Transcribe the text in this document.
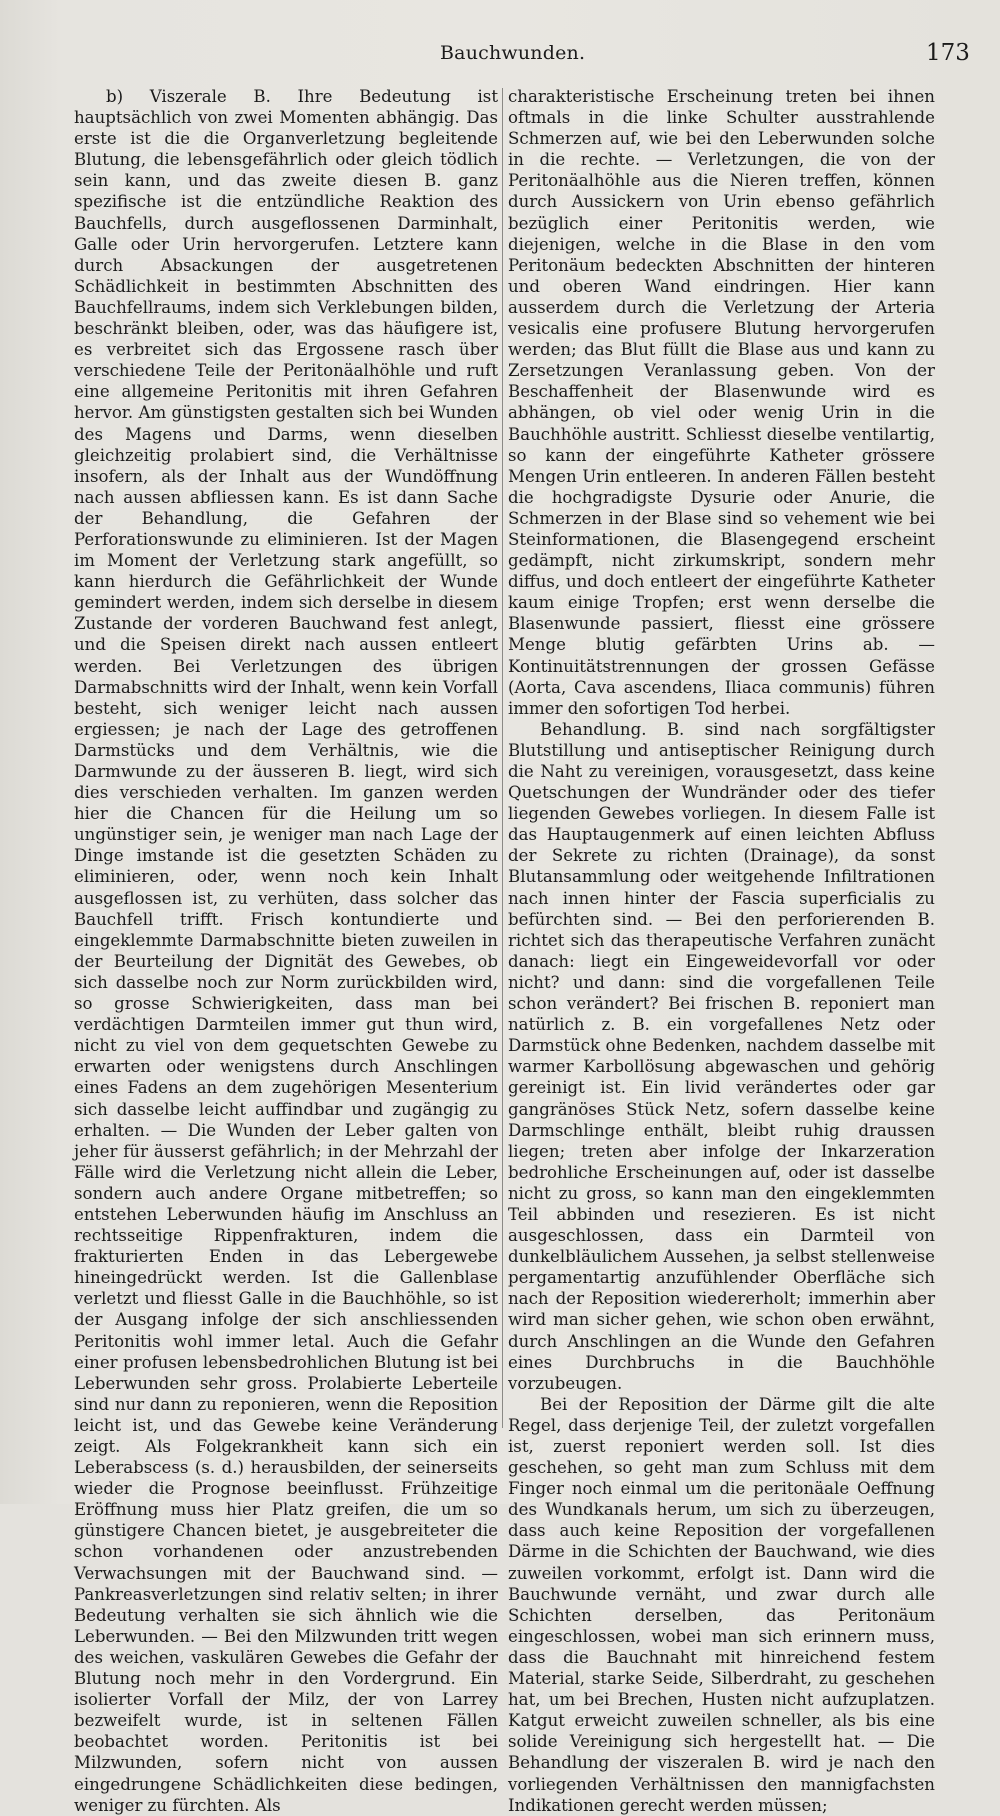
Bauchwunden.	173

b) Viszerale B. Ihre Bedeutung ist hauptsächlich von zwei Momenten abhängig. Das erste ist die die Organverletzung begleitende Blutung, die lebensgefährlich oder gleich tödlich sein kann, und das zweite diesen B. ganz spezifische ist die entzündliche Reaktion des Bauchfells, durch ausgeflossenen Darminhalt, Galle oder Urin hervorgerufen. Letztere kann durch Absackungen der ausgetretenen Schädlichkeit in bestimmten Abschnitten des Bauchfellraums, indem sich Verklebungen bilden, beschränkt bleiben, oder, was das häufigere ist, es verbreitet sich das Ergossene rasch über verschiedene Teile der Peritonäalhöhle und ruft eine allgemeine Peritonitis mit ihren Gefahren hervor. Am günstigsten gestalten sich bei Wunden des Magens und Darms, wenn dieselben gleichzeitig prolabiert sind, die Verhältnisse insofern, als der Inhalt aus der Wundöffnung nach aussen abfliessen kann. Es ist dann Sache der Behandlung, die Gefahren der Perforationswunde zu eliminieren. Ist der Magen im Moment der Verletzung stark angefüllt, so kann hierdurch die Gefährlichkeit der Wunde gemindert werden, indem sich derselbe in diesem Zustande der vorderen Bauchwand fest anlegt, und die Speisen direkt nach aussen entleert werden. Bei Verletzungen des übrigen Darmabschnitts wird der Inhalt, wenn kein Vorfall besteht, sich weniger leicht nach aussen ergiessen; je nach der Lage des getroffenen Darmstücks und dem Verhältnis, wie die Darmwunde zu der äusseren B. liegt, wird sich dies verschieden verhalten. Im ganzen werden hier die Chancen für die Heilung um so ungünstiger sein, je weniger man nach Lage der Dinge imstande ist die gesetzten Schäden zu eliminieren, oder, wenn noch kein Inhalt ausgeflossen ist, zu verhüten, dass solcher das Bauchfell trifft. Frisch kontundierte und eingeklemmte Darmabschnitte bieten zuweilen in der Beurteilung der Dignität des Gewebes, ob sich dasselbe noch zur Norm zurückbilden wird, so grosse Schwierigkeiten, dass man bei verdächtigen Darmteilen immer gut thun wird, nicht zu viel von dem gequetschten Gewebe zu erwarten oder wenigstens durch Anschlingen eines Fadens an dem zugehörigen Mesenterium sich dasselbe leicht auffindbar und zugängig zu erhalten. — Die Wunden der Leber galten von jeher für äusserst gefährlich; in der Mehrzahl der Fälle wird die Verletzung nicht allein die Leber, sondern auch andere Organe mitbetreffen; so entstehen Leberwunden häufig im Anschluss an rechtsseitige Rippenfrakturen, indem die frakturierten Enden in das Lebergewebe hineingedrückt werden. Ist die Gallenblase verletzt und fliesst Galle in die Bauchhöhle, so ist der Ausgang infolge der sich anschliessenden Peritonitis wohl immer letal. Auch die Gefahr einer profusen lebensbedrohlichen Blutung ist bei Leberwunden sehr gross. Prolabierte Leberteile sind nur dann zu reponieren, wenn die Reposition leicht ist, und das Gewebe keine Veränderung zeigt. Als Folgekrankheit kann sich ein Leberabscess (s. d.) herausbilden, der seinerseits wieder die Prognose beeinflusst. Frühzeitige Eröffnung muss hier Platz greifen, die um so günstigere Chancen bietet, je ausgebreiteter die schon vorhandenen oder anzustrebenden Verwachsungen mit der Bauchwand sind. — Pankreasverletzungen sind relativ selten; in ihrer Bedeutung verhalten sie sich ähnlich wie die Leberwunden. — Bei den Milzwunden tritt wegen des weichen, vaskulären Gewebes die Gefahr der Blutung noch mehr in den Vordergrund. Ein isolierter Vorfall der Milz, der von Larrey bezweifelt wurde, ist in seltenen Fällen beobachtet worden. Peritonitis ist bei Milzwunden, sofern nicht von aussen eingedrungene Schädlichkeiten diese bedingen, weniger zu fürchten. Als

charakteristische Erscheinung treten bei ihnen oftmals in die linke Schulter ausstrahlende Schmerzen auf, wie bei den Leberwunden solche in die rechte. — Verletzungen, die von der Peritonäalhöhle aus die Nieren treffen, können durch Aussickern von Urin ebenso gefährlich bezüglich einer Peritonitis werden, wie diejenigen, welche in die Blase in den vom Peritonäum bedeckten Abschnitten der hinteren und oberen Wand eindringen. Hier kann ausserdem durch die Verletzung der Arteria vesicalis eine profusere Blutung hervorgerufen werden; das Blut füllt die Blase aus und kann zu Zersetzungen Veranlassung geben. Von der Beschaffenheit der Blasenwunde wird es abhängen, ob viel oder wenig Urin in die Bauchhöhle austritt. Schliesst dieselbe ventilartig, so kann der eingeführte Katheter grössere Mengen Urin entleeren. In anderen Fällen besteht die hochgradigste Dysurie oder Anurie, die Schmerzen in der Blase sind so vehement wie bei Steinformationen, die Blasengegend erscheint gedämpft, nicht zirkumskript, sondern mehr diffus, und doch entleert der eingeführte Katheter kaum einige Tropfen; erst wenn derselbe die Blasenwunde passiert, fliesst eine grössere Menge blutig gefärbten Urins ab. — Kontinuitätstrennungen der grossen Gefässe (Aorta, Cava ascendens, Iliaca communis) führen immer den sofortigen Tod herbei.

Behandlung. B. sind nach sorgfältigster Blutstillung und antiseptischer Reinigung durch die Naht zu vereinigen, vorausgesetzt, dass keine Quetschungen der Wundränder oder des tiefer liegenden Gewebes vorliegen. In diesem Falle ist das Hauptaugenmerk auf einen leichten Abfluss der Sekrete zu richten (Drainage), da sonst Blutansammlung oder weitgehende Infiltrationen nach innen hinter der Fascia superficialis zu befürchten sind. — Bei den perforierenden B. richtet sich das therapeutische Verfahren zunächt danach: liegt ein Eingeweidevorfall vor oder nicht? und dann: sind die vorgefallenen Teile schon verändert? Bei frischen B. reponiert man natürlich z. B. ein vorgefallenes Netz oder Darmstück ohne Bedenken, nachdem dasselbe mit warmer Karbollösung abgewaschen und gehörig gereinigt ist. Ein livid verändertes oder gar gangränöses Stück Netz, sofern dasselbe keine Darmschlinge enthält, bleibt ruhig draussen liegen; treten aber infolge der Inkarzeration bedrohliche Erscheinungen auf, oder ist dasselbe nicht zu gross, so kann man den eingeklemmten Teil abbinden und resezieren. Es ist nicht ausgeschlossen, dass ein Darmteil von dunkelbläulichem Aussehen, ja selbst stellenweise pergamentartig anzufühlender Oberfläche sich nach der Reposition wiedererholt; immerhin aber wird man sicher gehen, wie schon oben erwähnt, durch Anschlingen an die Wunde den Gefahren eines Durchbruchs in die Bauchhöhle vorzubeugen.

Bei der Reposition der Därme gilt die alte Regel, dass derjenige Teil, der zuletzt vorgefallen ist, zuerst reponiert werden soll. Ist dies geschehen, so geht man zum Schluss mit dem Finger noch einmal um die peritonäale Oeffnung des Wundkanals herum, um sich zu überzeugen, dass auch keine Reposition der vorgefallenen Därme in die Schichten der Bauchwand, wie dies zuweilen vorkommt, erfolgt ist. Dann wird die Bauchwunde vernäht, und zwar durch alle Schichten derselben, das Peritonäum eingeschlossen, wobei man sich erinnern muss, dass die Bauchnaht mit hinreichend festem Material, starke Seide, Silberdraht, zu geschehen hat, um bei Brechen, Husten nicht aufzuplatzen. Katgut erweicht zuweilen schneller, als bis eine solide Vereinigung sich hergestellt hat. — Die Behandlung der viszeralen B. wird je nach den vorliegenden Verhältnissen den mannigfachsten Indikationen gerecht werden müssen;
